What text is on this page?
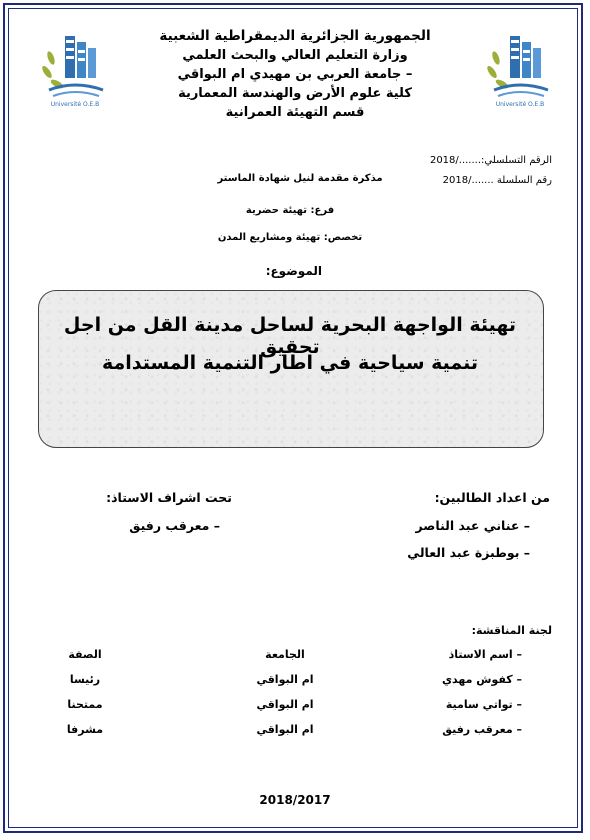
Université O.E.B	Université O.E.B
الجمهورية الجزائرية الديمقراطية الشعبية
وزارة التعليم العالي والبحث العلمي
– جامعة العربي بن مهيدي ام البواقي
كلية علوم الأرض والهندسة المعمارية
قسم التهيئة العمرانية
الرقم التسلسلي:......./2018
رقم السلسلة ......./2018
مذكرة مقدمة لنيل شهادة الماستر
فرع: تهيئة حضرية
تخصص: تهيئة ومشاريع المدن
الموضوع:
تهيئة الواجهة البحرية لساحل مدينة القل من اجل تحقيق
تنمية سياحية في اطار التنمية المستدامة
من اعداد الطالبين:
– عناني عبد الناصر
– بوطبزة عبد العالي
تحت اشراف الاستاذ:
– معرقب رفيق
لجنة المناقشة:
– اسم الاستاذ
الجامعة
الصفة
– كفوش مهدي
ام البواقي
رئيسا
– تواتي سامية
ام البواقي
ممتحنا
– معرقب رفيق
ام البواقي
مشرفا
2018/2017
